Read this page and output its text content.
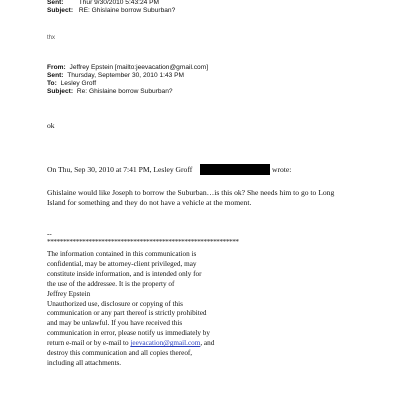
Sent: Thur 9/30/2010 5:43:24 PM
Subject: RE: Ghislaine borrow Suburban?
thx
From: Jeffrey Epstein [mailto:jeevacation@gmail.com]
Sent: Thursday, September 30, 2010 1:43 PM
To: Lesley Groff
Subject: Re: Ghislaine borrow Suburban?
ok
On Thu, Sep 30, 2010 at 7:41 PM, Lesley Groff	wrote:
Ghislaine would like Joseph to borrow the Suburban…is this ok? She needs him to go to Long
Island for something and they do not have a vehicle at the moment.
--
************************************************************
The information contained in this communication is
confidential, may be attorney-client privileged, may
constitute inside information, and is intended only for
the use of the addressee. It is the property of
Jeffrey Epstein
Unauthorized use, disclosure or copying of this
communication or any part thereof is strictly prohibited
and may be unlawful. If you have received this
communication in error, please notify us immediately by
return e-mail or by e-mail to jeevacation@gmail.com, and
destroy this communication and all copies thereof,
including all attachments.
